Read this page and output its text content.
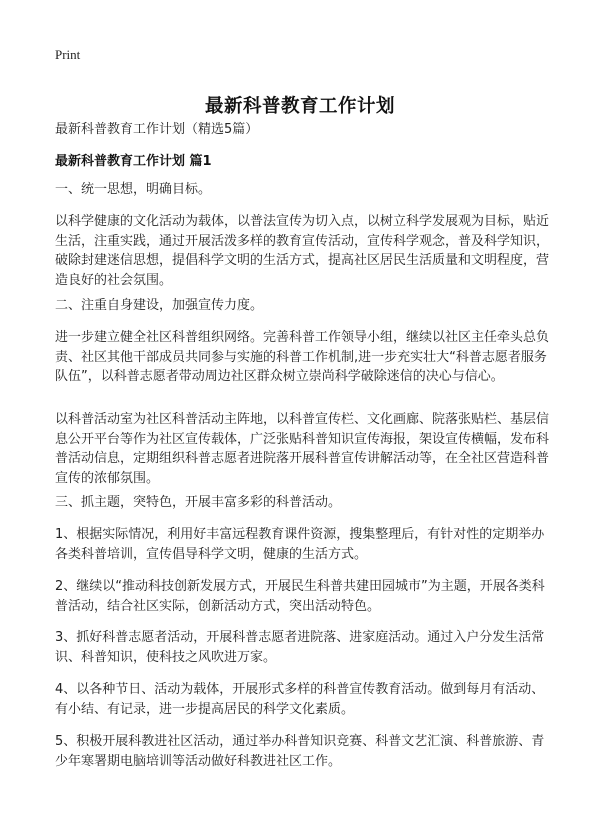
Print
最新科普教育工作计划

最新科普教育工作计划（精选5篇）

最新科普教育工作计划 篇1

一、统一思想，明确目标。

以科学健康的文化活动为载体，以普法宣传为切入点，以树立科学发展观为目标，贴近生活，注重实践，通过开展活泼多样的教育宣传活动，宣传科学观念，普及科学知识，破除封建迷信思想，提倡科学文明的生活方式，提高社区居民生活质量和文明程度，营造良好的社会氛围。

二、注重自身建设，加强宣传力度。

进一步建立健全社区科普组织网络。完善科普工作领导小组，继续以社区主任牵头总负责、社区其他干部成员共同参与实施的科普工作机制,进一步充实壮大“科普志愿者服务队伍”，以科普志愿者带动周边社区群众树立崇尚科学破除迷信的决心与信心。

以科普活动室为社区科普活动主阵地，以科普宣传栏、文化画廊、院落张贴栏、基层信息公开平台等作为社区宣传载体，广泛张贴科普知识宣传海报，架设宣传横幅，发布科普活动信息，定期组织科普志愿者进院落开展科普宣传讲解活动等，在全社区营造科普宣传的浓郁氛围。

三、抓主题，突特色，开展丰富多彩的科普活动。

1、根据实际情况，利用好丰富远程教育课件资源，搜集整理后，有针对性的定期举办各类科普培训，宣传倡导科学文明，健康的生活方式。

2、继续以“推动科技创新发展方式，开展民生科普共建田园城市”为主题，开展各类科普活动，结合社区实际，创新活动方式，突出活动特色。

3、抓好科普志愿者活动，开展科普志愿者进院落、进家庭活动。通过入户分发生活常识、科普知识，使科技之风吹进万家。

4、以各种节日、活动为载体，开展形式多样的科普宣传教育活动。做到每月有活动、有小结、有记录，进一步提高居民的科学文化素质。

5、积极开展科教进社区活动，通过举办科普知识竞赛、科普文艺汇演、科普旅游、青少年寒署期电脑培训等活动做好科教进社区工作。
